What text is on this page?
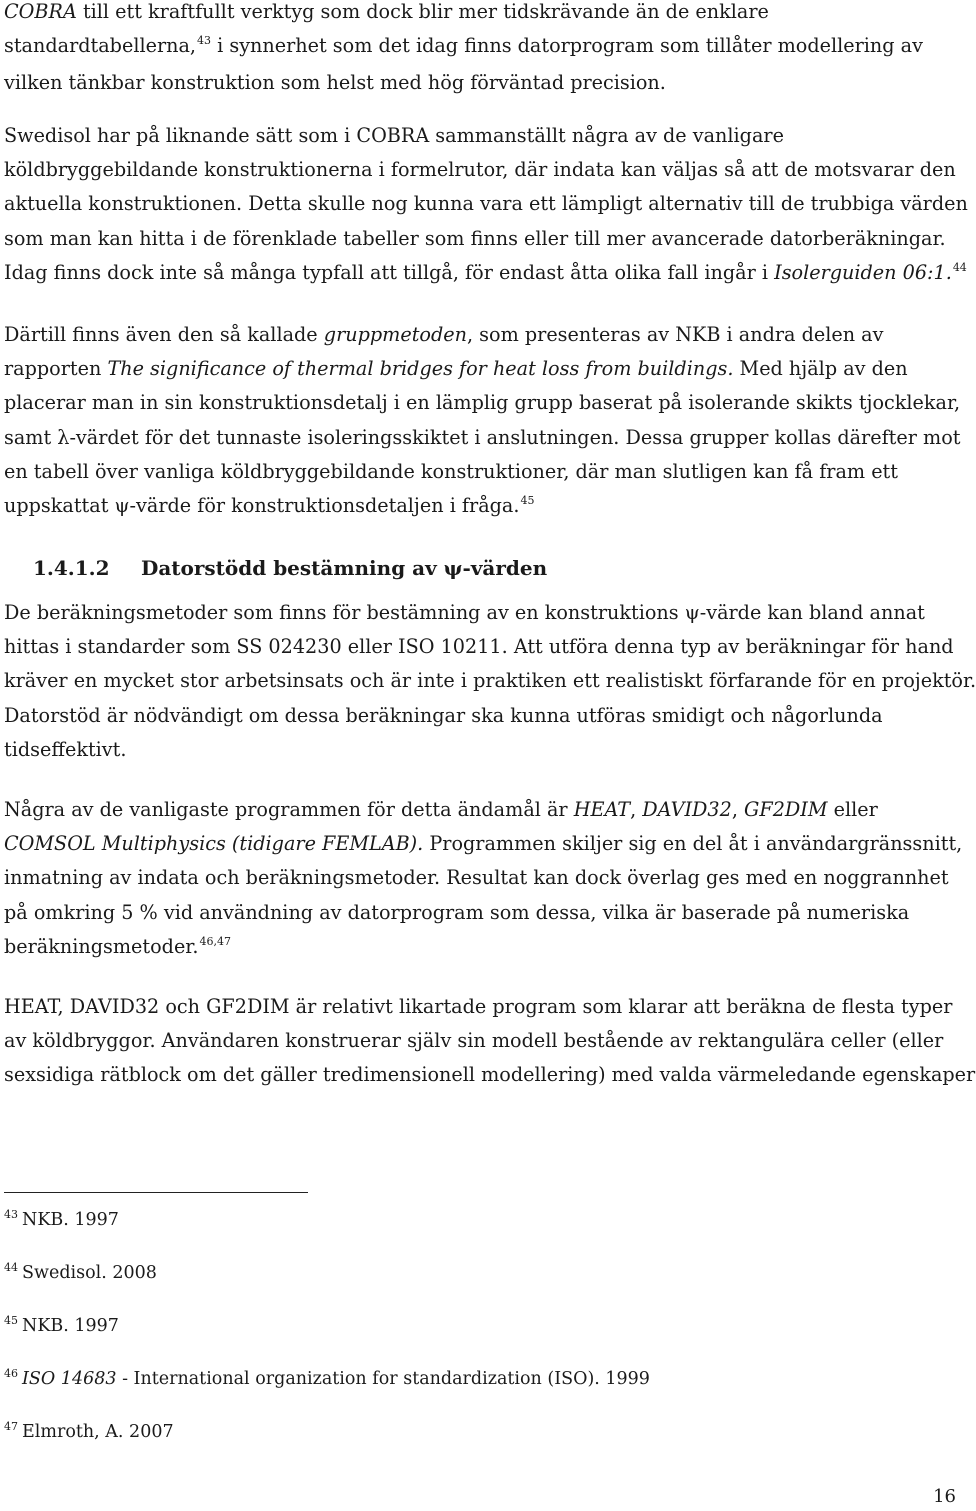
COBRA till ett kraftfullt verktyg som dock blir mer tidskrävande än de enklare
standardtabellerna,$^{43}$ i synnerhet som det idag finns datorprogram som tillåter modellering av
vilken tänkbar konstruktion som helst med hög förväntad precision.
Swedisol har på liknande sätt som i COBRA sammanställt några av de vanligare
köldbryggebildande konstruktionerna i formelrutor, där indata kan väljas så att de motsvarar den
aktuella konstruktionen. Detta skulle nog kunna vara ett lämpligt alternativ till de trubbiga värden
som man kan hitta i de förenklade tabeller som finns eller till mer avancerade datorberäkningar.
Idag finns dock inte så många typfall att tillgå, för endast åtta olika fall ingår i Isolerguiden 06:1.44
Därtill finns även den så kallade gruppmetoden, som presenteras av NKB i andra delen av
rapporten The significance of thermal bridges for heat loss from buildings. Med hjälp av den
placerar man in sin konstruktionsdetalj i en lämplig grupp baserat på isolerande skikts tjocklekar,
samt λ-värdet för det tunnaste isoleringsskiktet i anslutningen. Dessa grupper kollas därefter mot
en tabell över vanliga köldbryggebildande konstruktioner, där man slutligen kan få fram ett
uppskattat ψ-värde för konstruktionsdetaljen i fråga.$^{45}$
1.4.1.2 Datorstödd bestämning av ψ-värden
De beräkningsmetoder som finns för bestämning av en konstruktions ψ-värde kan bland annat
hittas i standarder som SS 024230 eller ISO 10211. Att utföra denna typ av beräkningar för hand
kräver en mycket stor arbetsinsats och är inte i praktiken ett realistiskt förfarande för en projektör.
Datorstöd är nödvändigt om dessa beräkningar ska kunna utföras smidigt och någorlunda
tidseffektivt.
Några av de vanligaste programmen för detta ändamål är HEAT, DAVID32, GF2DIM eller
COMSOL Multiphysics (tidigare FEMLAB). Programmen skiljer sig en del åt i användargränssnitt,
inmatning av indata och beräkningsmetoder. Resultat kan dock överlag ges med en noggrannhet
på omkring 5 % vid användning av datorprogram som dessa, vilka är baserade på numeriska
beräkningsmetoder.$^{46,47}$
HEAT, DAVID32 och GF2DIM är relativt likartade program som klarar att beräkna de flesta typer
av köldbryggor. Användaren konstruerar själv sin modell bestående av rektangulära celler (eller
sexsidiga rätblock om det gäller tredimensionell modellering) med valda värmeledande egenskaper

$^{43}$ NKB. 1997

$^{44}$ Swedisol. 2008

$^{45}$ NKB. 1997

$^{46}$ ISO 14683 - International organization for standardization (ISO). 1999

$^{47}$ Elmroth, A. 2007

16
